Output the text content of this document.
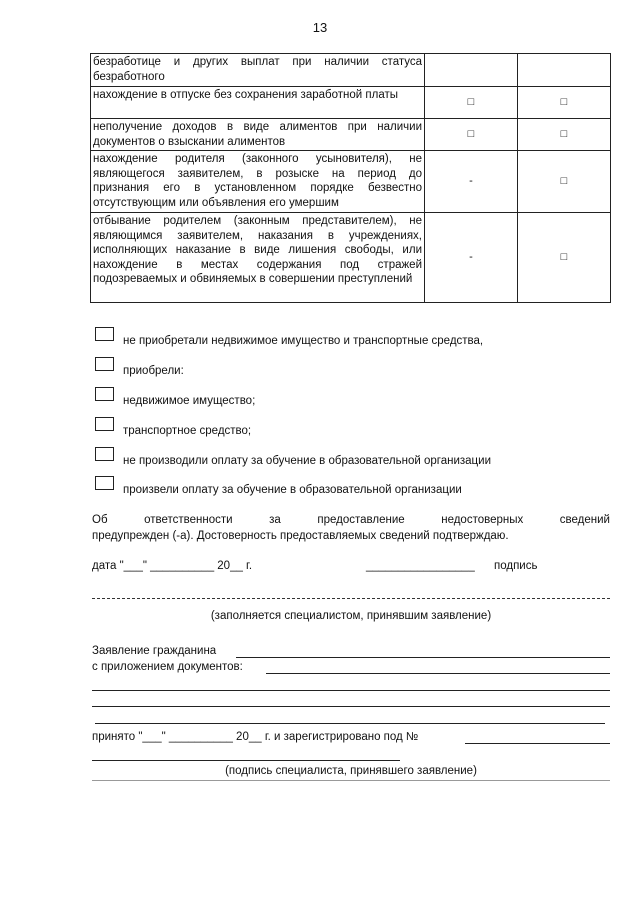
13
безработице и других выплат при наличии статуса безработного		
нахождение в отпуске без сохранения заработной платы	□	□
неполучение доходов в виде алиментов при наличии документов о взыскании алиментов	□	□
нахождение родителя (законного усыновителя), не являющегося заявителем, в розыске на период до признания его в установленном порядке безвестно отсутствующим или объявления его умершим	-	□
отбывание родителем (законным представителем), не являющимся заявителем, наказания в учреждениях, исполняющих наказание в виде лишения свободы, или нахождение в местах содержания под стражей подозреваемых и обвиняемых в совершении преступлений	-	□
не приобретали недвижимое имущество и транспортные средства,
приобрели:
недвижимое имущество;
транспортное средство;
не производили оплату за обучение в образовательной организации
произвели оплату за обучение в образовательной организации
Об ответственности за предоставление недостоверных сведений
предупрежден (-а). Достоверность предоставляемых сведений подтверждаю.
дата "___" __________ 20__ г.	_________________ подпись
(заполняется специалистом, принявшим заявление)
Заявление гражданина
с приложением документов:
принято "___" __________ 20__ г. и зарегистрировано под №
(подпись специалиста, принявшего заявление)
